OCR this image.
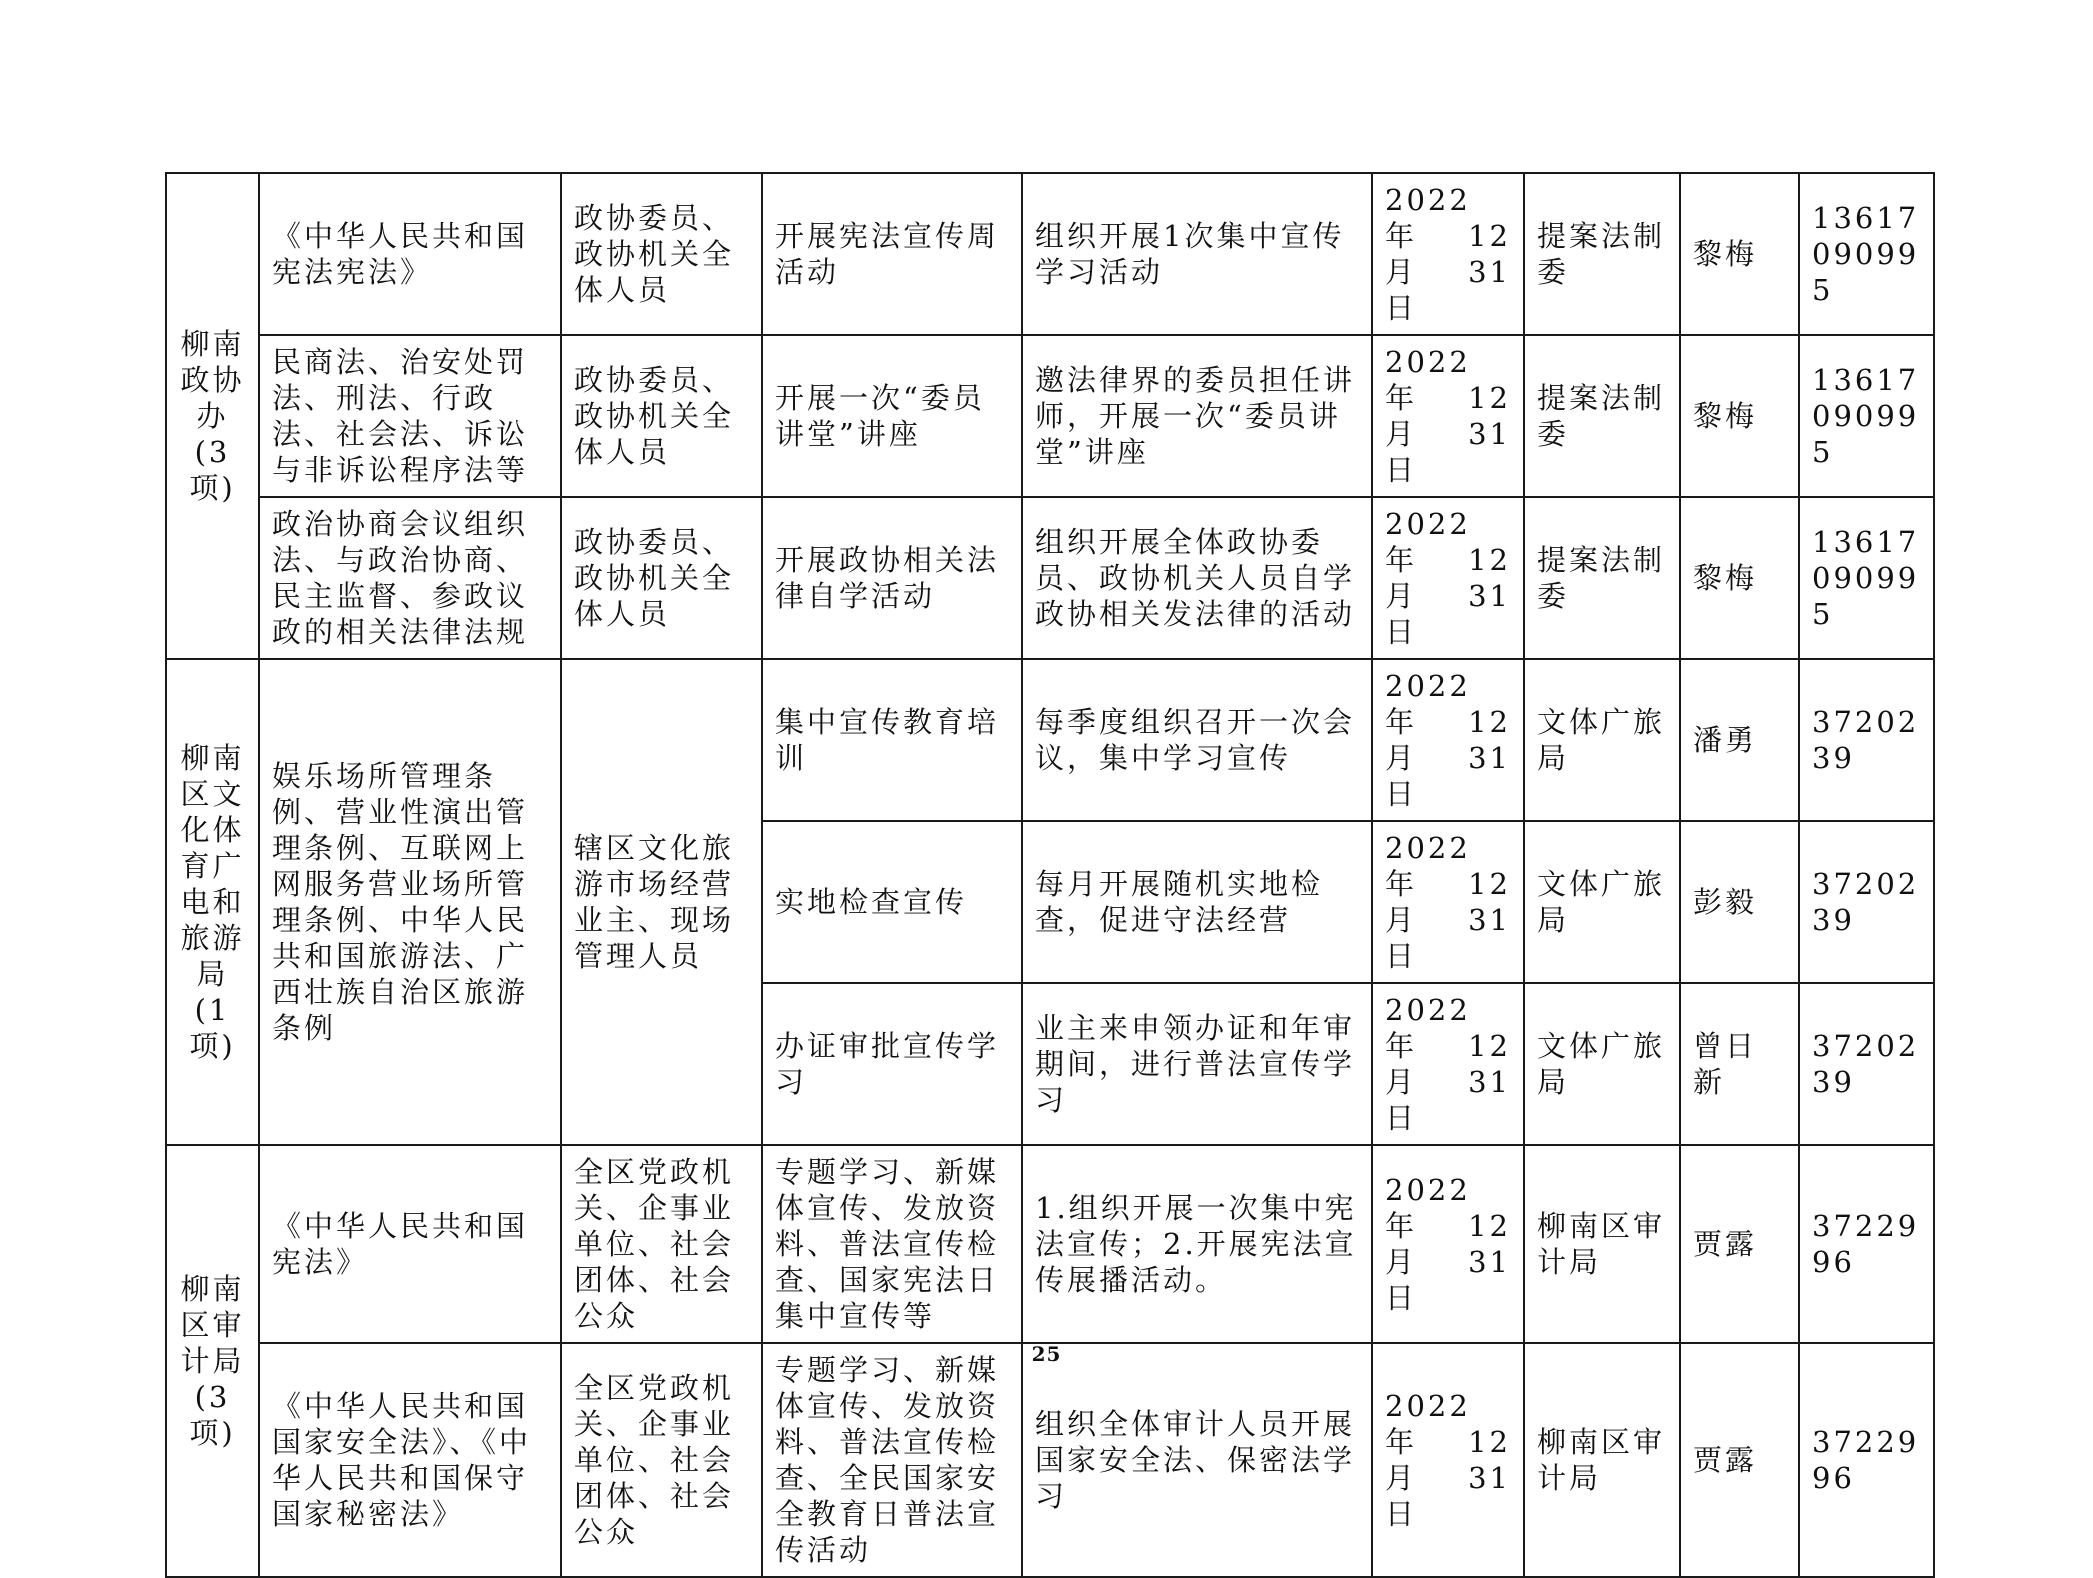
柳南政协办(3项)	《中华人民共和国宪法宪法》	政协委员、政协机关全体人员	开展宪法宣传周活动	组织开展1次集中宣传学习活动	2022 年 12 月 31 日	提案法制委	黎梅	13617090995
	民商法、治安处罚法、刑法、行政法、社会法、诉讼与非诉讼程序法等	政协委员、政协机关全体人员	开展一次“委员讲堂”讲座	邀法律界的委员担任讲师，开展一次“委员讲堂”讲座	2022 年 12 月 31 日	提案法制委	黎梅	13617090995
	政治协商会议组织法、与政治协商、民主监督、参政议政的相关法律法规	政协委员、政协机关全体人员	开展政协相关法律自学活动	组织开展全体政协委员、政协机关人员自学政协相关发法律的活动	2022 年 12 月 31 日	提案法制委	黎梅	13617090995
柳南区文化体育广电和旅游局(1项)	娱乐场所管理条例、营业性演出管理条例、互联网上网服务营业场所管理条例、中华人民共和国旅游法、广西壮族自治区旅游条例	辖区文化旅游市场经营业主、现场管理人员	集中宣传教育培训	每季度组织召开一次会议，集中学习宣传	2022 年 12 月 31 日	文体广旅局	潘勇	3720239
			实地检查宣传	每月开展随机实地检查，促进守法经营	2022 年 12 月 31 日	文体广旅局	彭毅	3720239
			办证审批宣传学习	业主来申领办证和年审期间，进行普法宣传学习	2022 年 12 月 31 日	文体广旅局	曾日新	3720239
柳南区审计局(3项)	《中华人民共和国宪法》	全区党政机关、企事业单位、社会团体、社会公众	专题学习、新媒体宣传、发放资料、普法宣传检查、国家宪法日集中宣传等	1.组织开展一次集中宪法宣传；2.开展宪法宣传展播活动。	2022 年 12 月 31 日	柳南区审计局	贾露	3722996
	《中华人民共和国国家安全法》、《中华人民共和国保守国家秘密法》	全区党政机关、企事业单位、社会团体、社会公众	专题学习、新媒体宣传、发放资料、普法宣传检查、全民国家安全教育日普法宣传活动	组织全体审计人员开展国家安全法、保密法学习	2022 年 12 月 31 日	柳南区审计局	贾露	3722996
25
